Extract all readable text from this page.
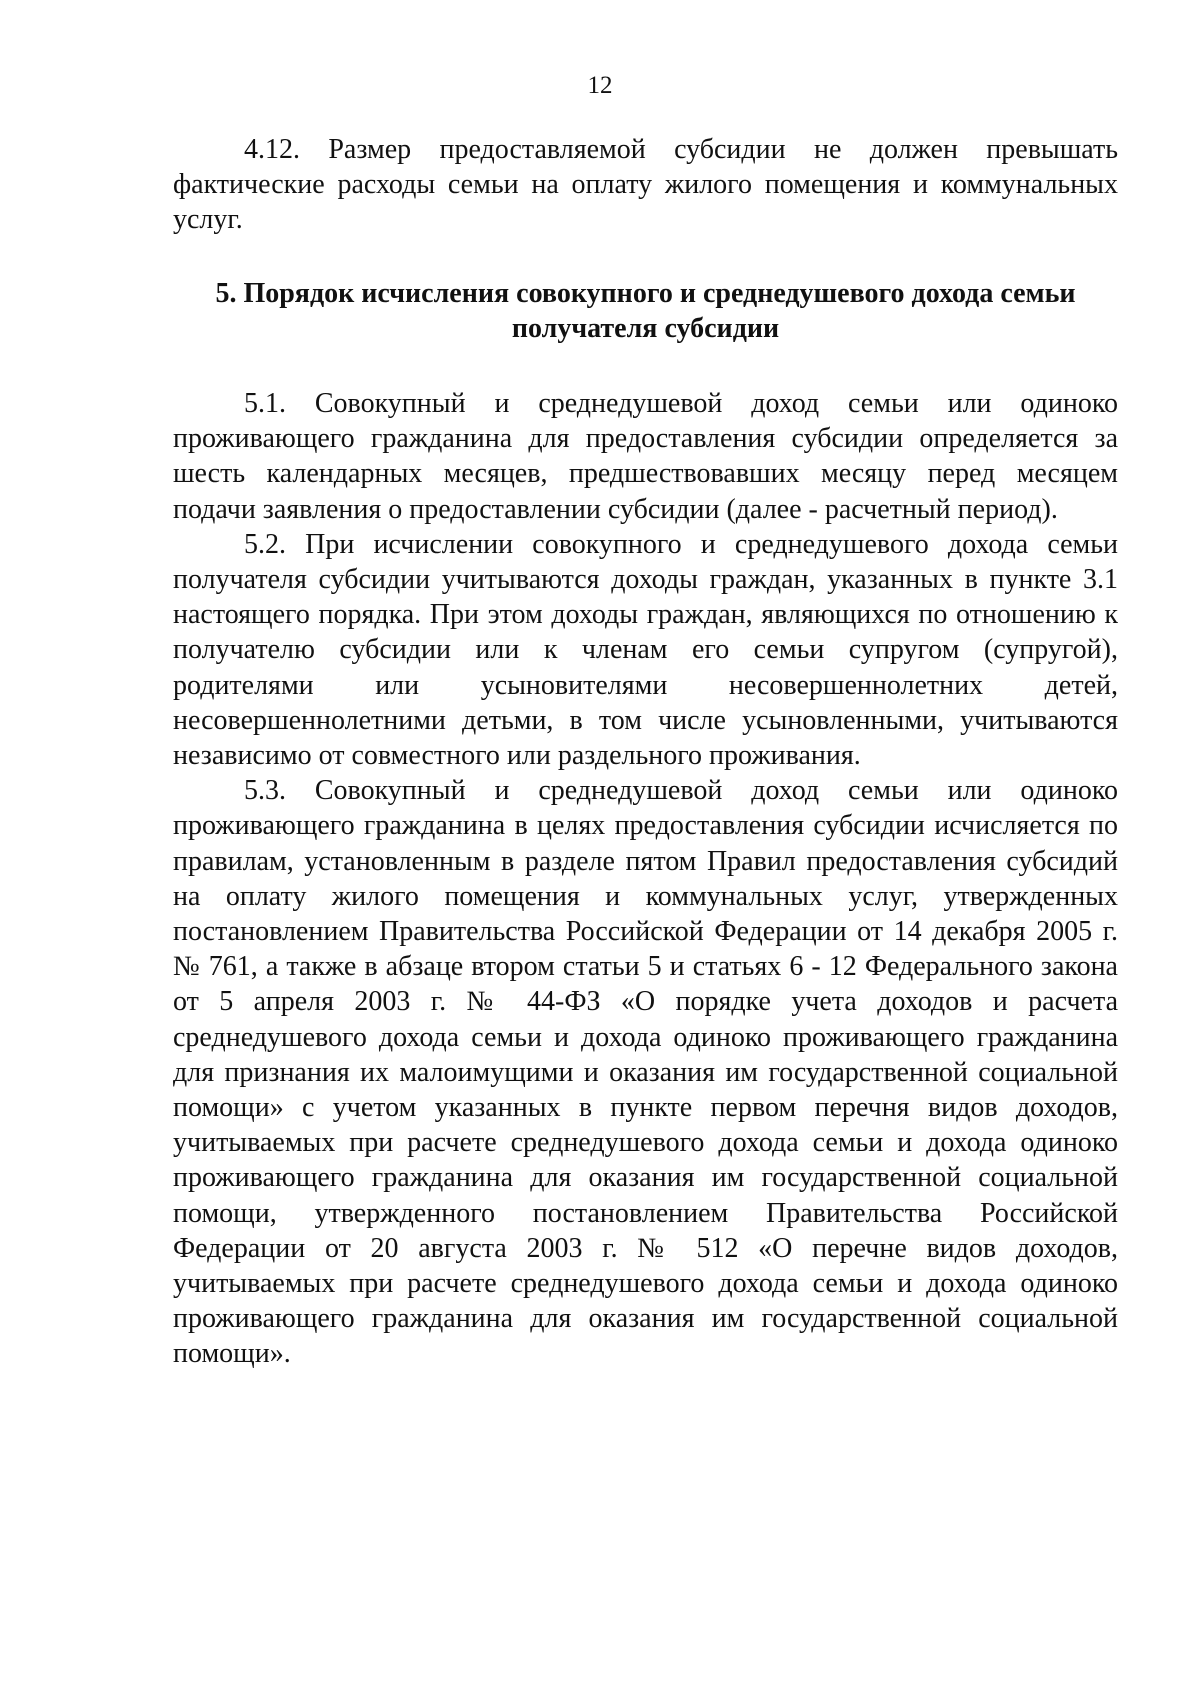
12

4.12. Размер предоставляемой субсидии не должен превышать фактические расходы семьи на оплату жилого помещения и коммунальных услуг.

5. Порядок исчисления совокупного и среднедушевого дохода семьи
получателя субсидии

5.1. Совокупный и среднедушевой доход семьи или одиноко проживающего гражданина для предоставления субсидии определяется за шесть календарных месяцев, предшествовавших месяцу перед месяцем подачи заявления о предоставлении субсидии (далее - расчетный период).

5.2. При исчислении совокупного и среднедушевого дохода семьи получателя субсидии учитываются доходы граждан, указанных в пункте 3.1 настоящего порядка. При этом доходы граждан, являющихся по отношению к получателю субсидии или к членам его семьи супругом (супругой), родителями или усыновителями несовершеннолетних детей, несовершеннолетними детьми, в том числе усыновленными, учитываются независимо от совместного или раздельного проживания.

5.3. Совокупный и среднедушевой доход семьи или одиноко проживающего гражданина в целях предоставления субсидии исчисляется по правилам, установленным в разделе пятом Правил предоставления субсидий на оплату жилого помещения и коммунальных услуг, утвержденных постановлением Правительства Российской Федерации от 14 декабря 2005 г. № 761, а также в абзаце втором статьи 5 и статьях 6 - 12 Федерального закона от 5 апреля 2003 г. № 44-ФЗ «О порядке учета доходов и расчета среднедушевого дохода семьи и дохода одиноко проживающего гражданина для признания их малоимущими и оказания им государственной социальной помощи» с учетом указанных в пункте первом перечня видов доходов, учитываемых при расчете среднедушевого дохода семьи и дохода одиноко проживающего гражданина для оказания им государственной социальной помощи, утвержденного постановлением Правительства Российской Федерации от 20 августа 2003 г. № 512 «О перечне видов доходов, учитываемых при расчете среднедушевого дохода семьи и дохода одиноко проживающего гражданина для оказания им государственной социальной помощи».
